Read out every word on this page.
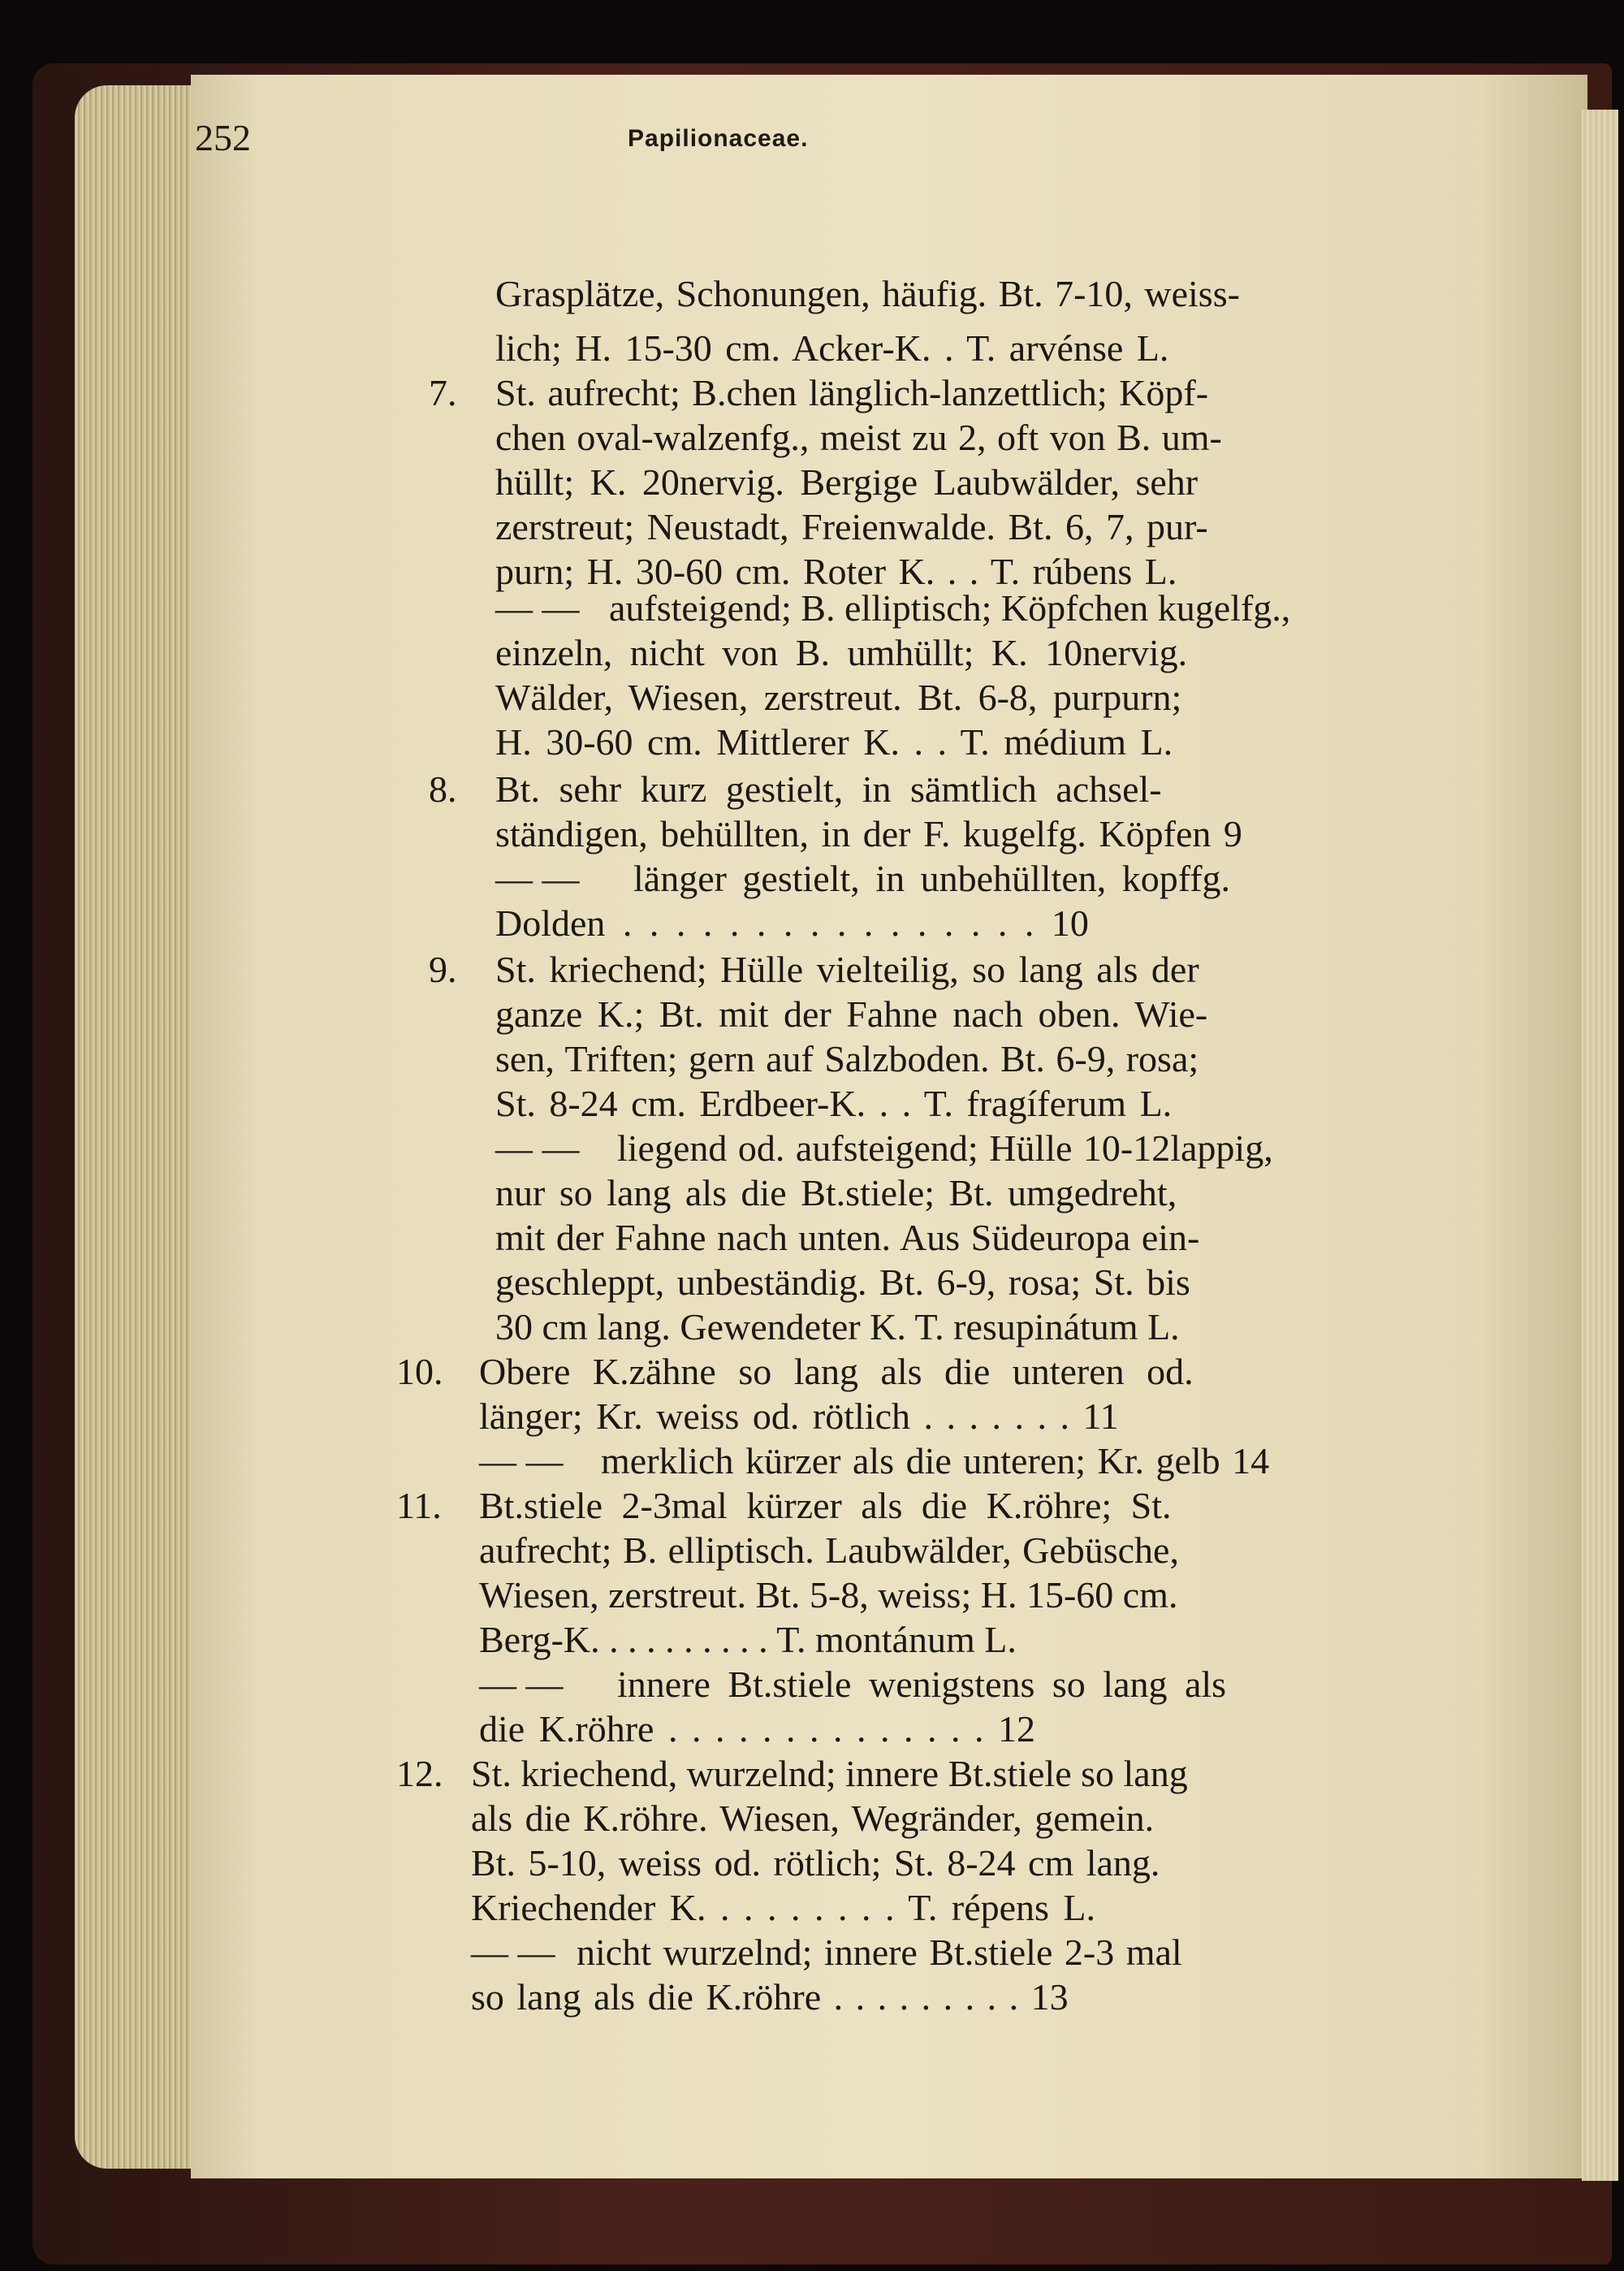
252	Papilionaceae.
Grasplätze, Schonungen, häufig. Bt. 7-10, weiss-
lich; H. 15-30 cm. Acker-K. . T. arvénse L.
7. St. aufrecht; B.chen länglich-lanzettlich; Köpf-
chen oval-walzenfg., meist zu 2, oft von B. um-
hüllt; K. 20nervig. Bergige Laubwälder, sehr
zerstreut; Neustadt, Freienwalde. Bt. 6, 7, pur-
purn; H. 30-60 cm. Roter K. . . T. rúbens L.
— — aufsteigend; B. elliptisch; Köpfchen kugelfg.,
einzeln, nicht von B. umhüllt; K. 10nervig.
Wälder, Wiesen, zerstreut. Bt. 6-8, purpurn;
H. 30-60 cm. Mittlerer K. . . T. médium L.
8. Bt. sehr kurz gestielt, in sämtlich achsel-
ständigen, behüllten, in der F. kugelfg. Köpfen 9
— — länger gestielt, in unbehüllten, kopffg.
Dolden . . . . . . . . . . . . . . . . 10
9. St. kriechend; Hülle vielteilig, so lang als der
ganze K.; Bt. mit der Fahne nach oben. Wie-
sen, Triften; gern auf Salzboden. Bt. 6-9, rosa;
St. 8-24 cm. Erdbeer-K. . . T. fragíferum L.
— — liegend od. aufsteigend; Hülle 10-12lappig,
nur so lang als die Bt.stiele; Bt. umgedreht,
mit der Fahne nach unten. Aus Südeuropa ein-
geschleppt, unbeständig. Bt. 6-9, rosa; St. bis
30 cm lang. Gewendeter K. T. resupinátum L.
10. Obere K.zähne so lang als die unteren od.
länger; Kr. weiss od. rötlich . . . . . . . 11
— — merklich kürzer als die unteren; Kr. gelb 14
11. Bt.stiele 2-3mal kürzer als die K.röhre; St.
aufrecht; B. elliptisch. Laubwälder, Gebüsche,
Wiesen, zerstreut. Bt. 5-8, weiss; H. 15-60 cm.
Berg-K. . . . . . . . . . T. montánum L.
— — innere Bt.stiele wenigstens so lang als
die K.röhre . . . . . . . . . . . . . . 12
12. St. kriechend, wurzelnd; innere Bt.stiele so lang
als die K.röhre. Wiesen, Wegränder, gemein.
Bt. 5-10, weiss od. rötlich; St. 8-24 cm lang.
Kriechender K. . . . . . . . . T. répens L.
— — nicht wurzelnd; innere Bt.stiele 2-3 mal
so lang als die K.röhre . . . . . . . . . 13
